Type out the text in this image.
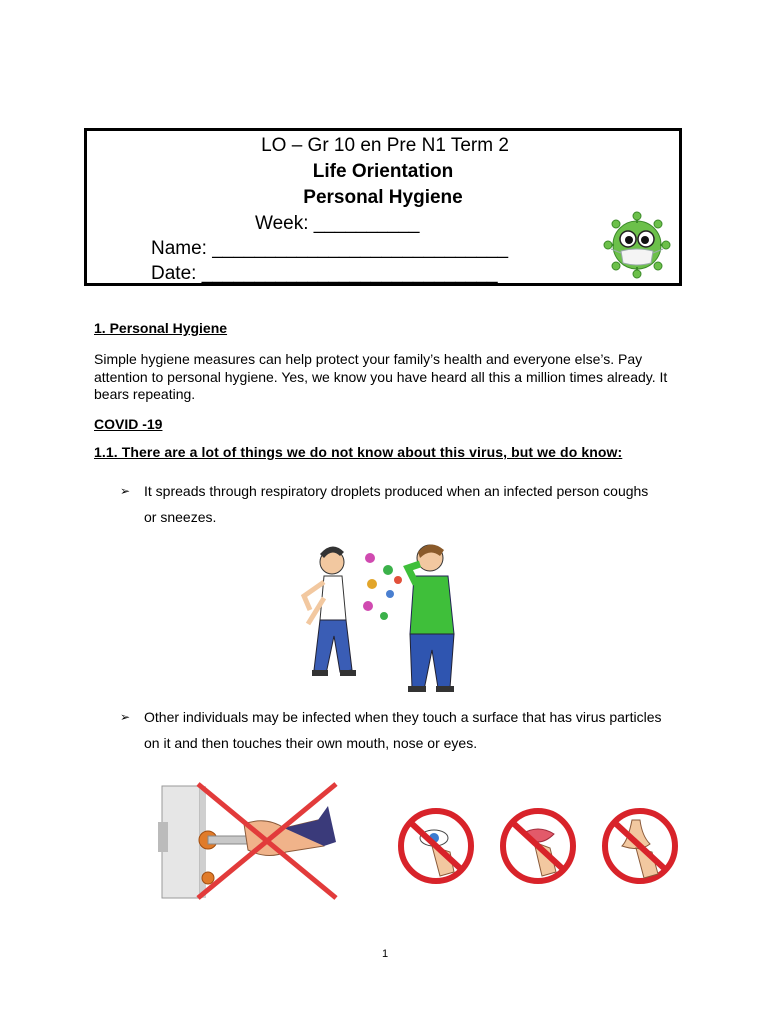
LO – Gr 10 en Pre N1 Term 2
Life Orientation
Personal Hygiene
Week: __________
Name: ____________________________
Date: ____________________________
1. Personal Hygiene
Simple hygiene measures can help protect your family’s health and everyone else’s. Pay attention to personal hygiene. Yes, we know you have heard all this a million times already. It bears repeating.
COVID -19
1.1. There are a lot of things we do not know about this virus, but we do know:
➢ It spreads through respiratory droplets produced when an infected person coughs or sneezes.
➢ Other individuals may be infected when they touch a surface that has virus particles on it and then touches their own mouth, nose or eyes.
1
